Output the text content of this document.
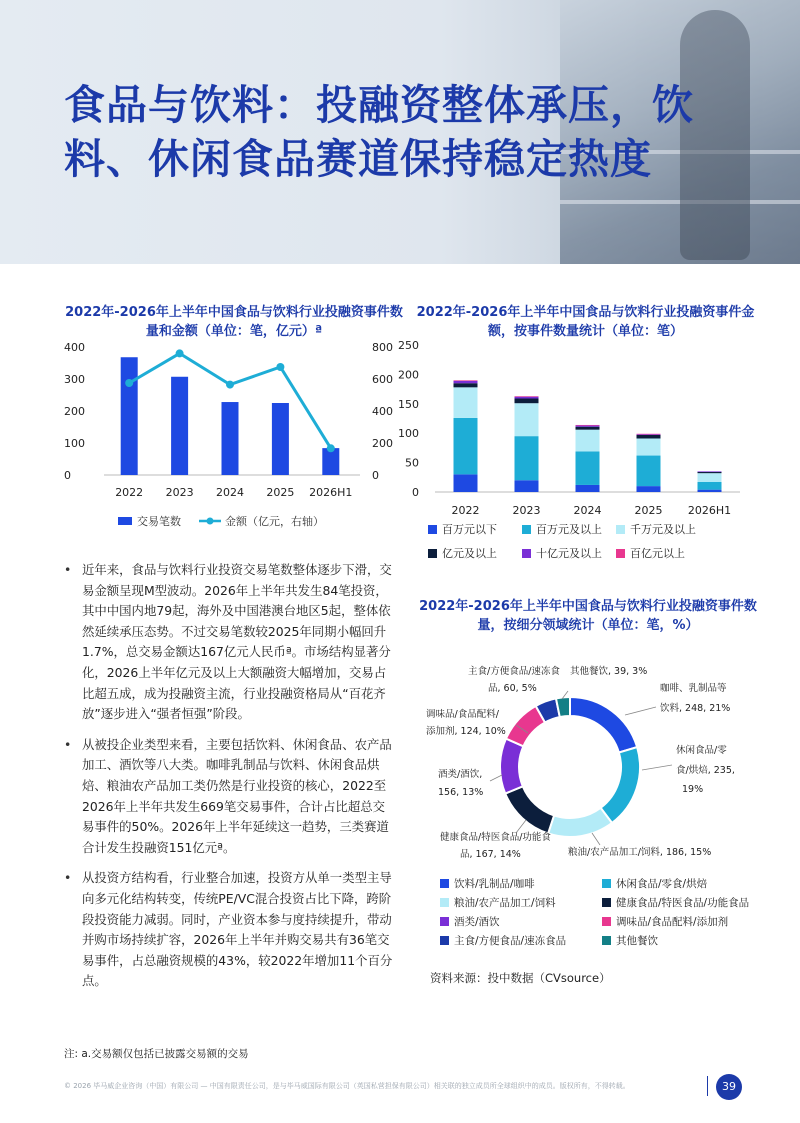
食品与饮料：投融资整体承压，饮料、休闲食品赛道保持稳定热度
2022年-2026年上半年中国食品与饮料行业投融资事件数量和金额（单位：笔，亿元）ª
400
300
200
100
0
800
600
400
200
0
2022 2023 2024 2025 2026H1
交易笔数	金额（亿元，右轴）
2022年-2026年上半年中国食品与饮料行业投融资事件金额，按事件数量统计（单位：笔）
250
200
150
100
50
0
2022	2023	2024	2025 2026H1
百万元以下	百万元及以上	千万元及以上
亿元及以上	十亿元及以上	百亿元以上
2022年-2026年上半年中国食品与饮料行业投融资事件数量，按细分领域统计（单位：笔，%）
其他餐饮, 39, 3%
主食/方便食品/速冻食
品, 60, 5%	咖啡、乳制品等
饮料, 248, 21%
休闲食品/零
食/烘焙, 235,
19%
粮油/农产品加工/饲料, 186, 15%
健康食品/特医食品/功能食
品, 167, 14%
酒类/酒饮,
156, 13%
调味品/食品配料/
添加剂, 124, 10%
饮料/乳制品/咖啡	休闲食品/零食/烘焙
粮油/农产品加工/饲料	健康食品/特医食品/功能食品
酒类/酒饮	调味品/食品配料/添加剂
主食/方便食品/速冻食品	其他餐饮
• 近年来，食品与饮料行业投资交易笔数整体逐步下滑，交易金额呈现M型波动。2026年上半年共发生84笔投资，其中中国内地79起，海外及中国港澳台地区5起，整体依然延续承压态势。不过交易笔数较2025年同期小幅回升1.7%，总交易金额达167亿元人民币ª。市场结构显著分化，2026上半年亿元及以上大额融资大幅增加，交易占比超五成，成为投融资主流，行业投融资格局从“百花齐放”逐步进入“强者恒强”阶段。
• 从被投企业类型来看，主要包括饮料、休闲食品、农产品加工、酒饮等八大类。咖啡乳制品与饮料、休闲食品烘焙、粮油农产品加工类仍然是行业投资的核心，2022至2026年上半年共发生669笔交易事件，合计占比超总交易事件的50%。2026年上半年延续这一趋势，三类赛道合计发生投融资151亿元ª。
• 从投资方结构看，行业整合加速，投资方从单一类型主导向多元化结构转变，传统PE/VC混合投资占比下降，跨阶段投资能力减弱。同时，产业资本参与度持续提升，带动并购市场持续扩容，2026年上半年并购交易共有36笔交易事件，占总融资规模的43%，较2022年增加11个百分点。	资料来源：投中数据（CVsource）
注: a.交易额仅包括已披露交易额的交易
© 2026 毕马威企业咨询（中国）有限公司 — 中国有限责任公司，是与毕马威国际有限公司（英国私营担保有限公司）相关联的独立成员所全球组织中的成员。版权所有，不得转载。	39
